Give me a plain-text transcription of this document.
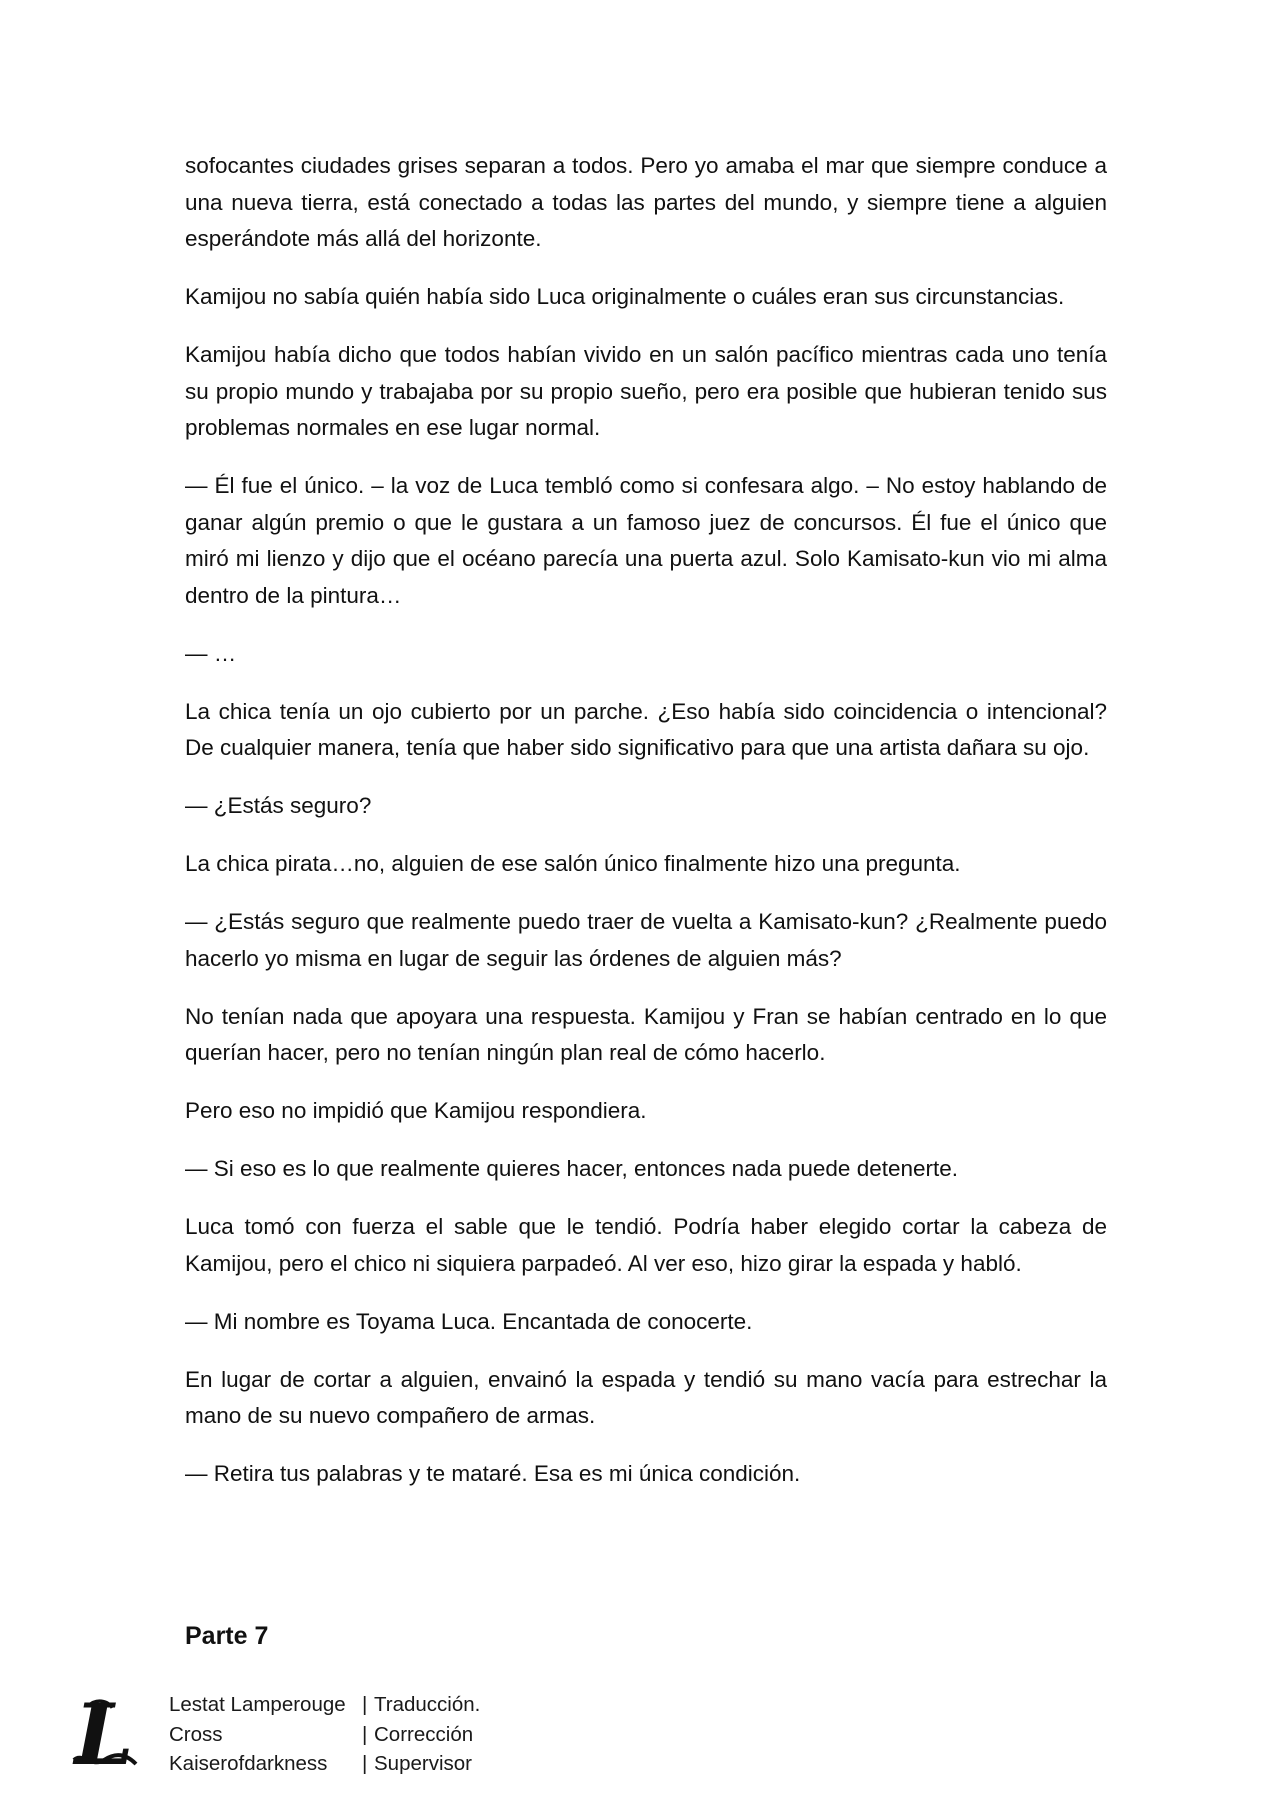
sofocantes ciudades grises separan a todos. Pero yo amaba el mar que siempre conduce a una nueva tierra, está conectado a todas las partes del mundo, y siempre tiene a alguien esperándote más allá del horizonte.

Kamijou no sabía quién había sido Luca originalmente o cuáles eran sus circunstancias.

Kamijou había dicho que todos habían vivido en un salón pacífico mientras cada uno tenía su propio mundo y trabajaba por su propio sueño, pero era posible que hubieran tenido sus problemas normales en ese lugar normal.

— Él fue el único. – la voz de Luca tembló como si confesara algo. – No estoy hablando de ganar algún premio o que le gustara a un famoso juez de concursos. Él fue el único que miró mi lienzo y dijo que el océano parecía una puerta azul. Solo Kamisato-kun vio mi alma dentro de la pintura…

— …

La chica tenía un ojo cubierto por un parche. ¿Eso había sido coincidencia o intencional? De cualquier manera, tenía que haber sido significativo para que una artista dañara su ojo.

— ¿Estás seguro?

La chica pirata…no, alguien de ese salón único finalmente hizo una pregunta.

— ¿Estás seguro que realmente puedo traer de vuelta a Kamisato-kun? ¿Realmente puedo hacerlo yo misma en lugar de seguir las órdenes de alguien más?

No tenían nada que apoyara una respuesta. Kamijou y Fran se habían centrado en lo que querían hacer, pero no tenían ningún plan real de cómo hacerlo.

Pero eso no impidió que Kamijou respondiera.

— Si eso es lo que realmente quieres hacer, entonces nada puede detenerte.

Luca tomó con fuerza el sable que le tendió. Podría haber elegido cortar la cabeza de Kamijou, pero el chico ni siquiera parpadeó. Al ver eso, hizo girar la espada y habló.

— Mi nombre es Toyama Luca. Encantada de conocerte.

En lugar de cortar a alguien, envainó la espada y tendió su mano vacía para estrechar la mano de su nuevo compañero de armas.

— Retira tus palabras y te mataré. Esa es mi única condición.

Parte 7
L Lestat Lamperouge | Traducción.
Cross	| Corrección
Kaiserofdarkness	| Supervisor
